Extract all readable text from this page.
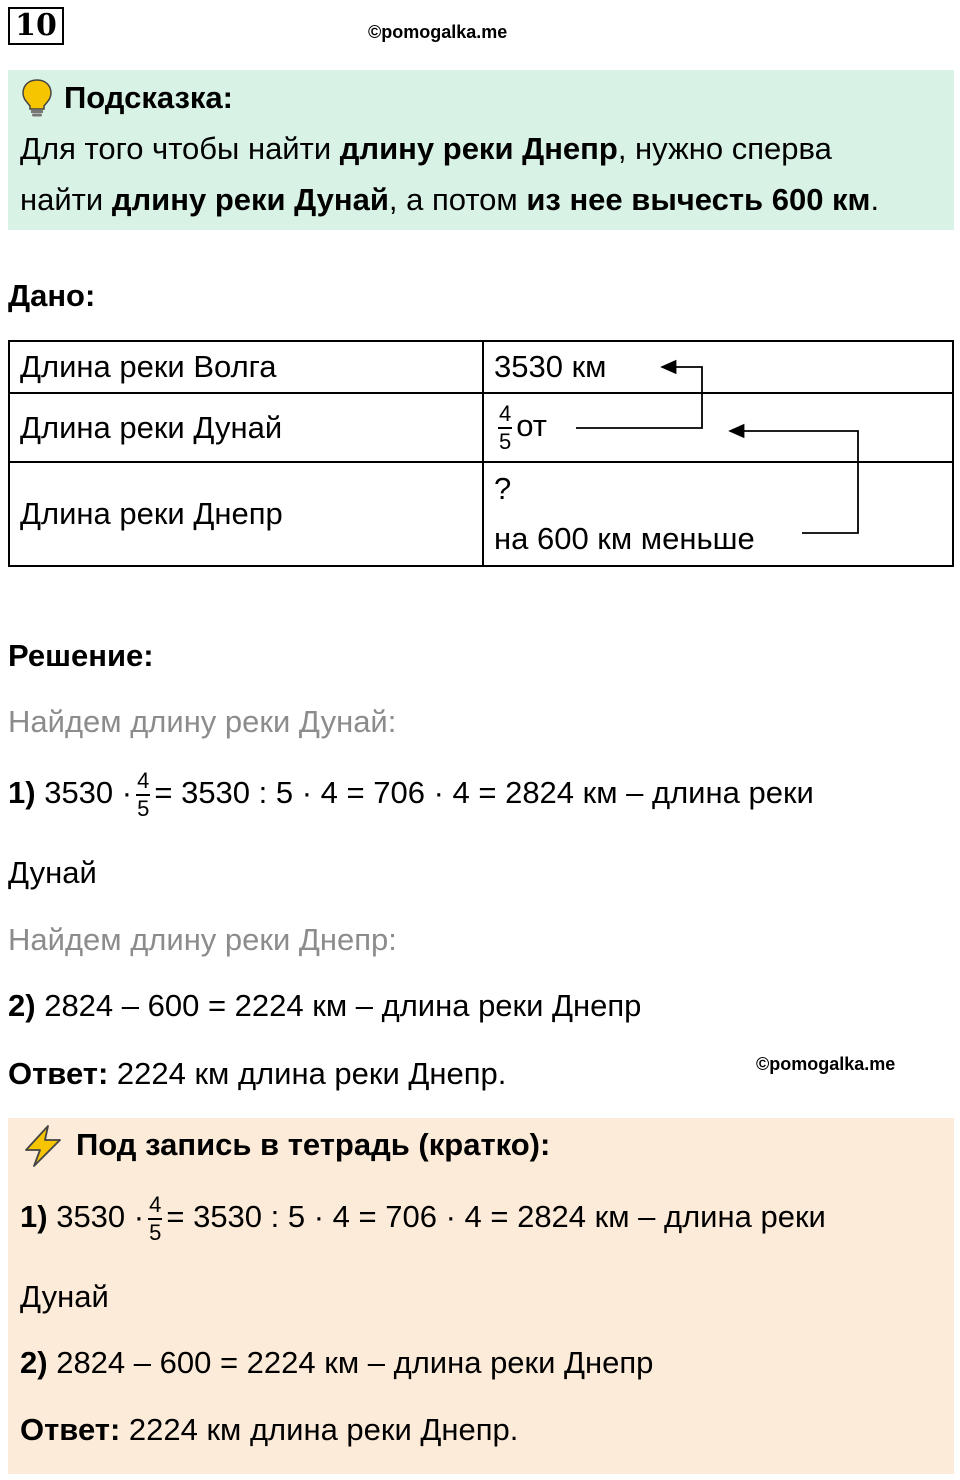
10	©pomogalka.me
Подсказка:
Для того чтобы найти длину реки Днепр, нужно сперва
найти длину реки Дунай, а потом из нее вычесть 600 км.
Дано:
Длина реки Волга	3530 км
Длина реки Дунай	$\frac{4}{5}$ от
Длина реки Днепр	?
на 600 км меньше
Решение:
Найдем длину реки Дунай:
1) $3530 \cdot \frac{4}{5} = 3530$ : 5 · 4 = 706 · 4 = 2824 км – длина реки
Дунай
Найдем длину реки Днепр:
2) 2824 – 600 = 2224 км – длина реки Днепр
Ответ: 2224 км длина реки Днепр.	©pomogalka.me
Под запись в тетрадь (кратко):
1) $3530 \cdot \frac{4}{5} = 3530$ : 5 · 4 = 706 · 4 = 2824 км – длина реки
Дунай
2) 2824 – 600 = 2224 км – длина реки Днепр
Ответ: 2224 км длина реки Днепр.
